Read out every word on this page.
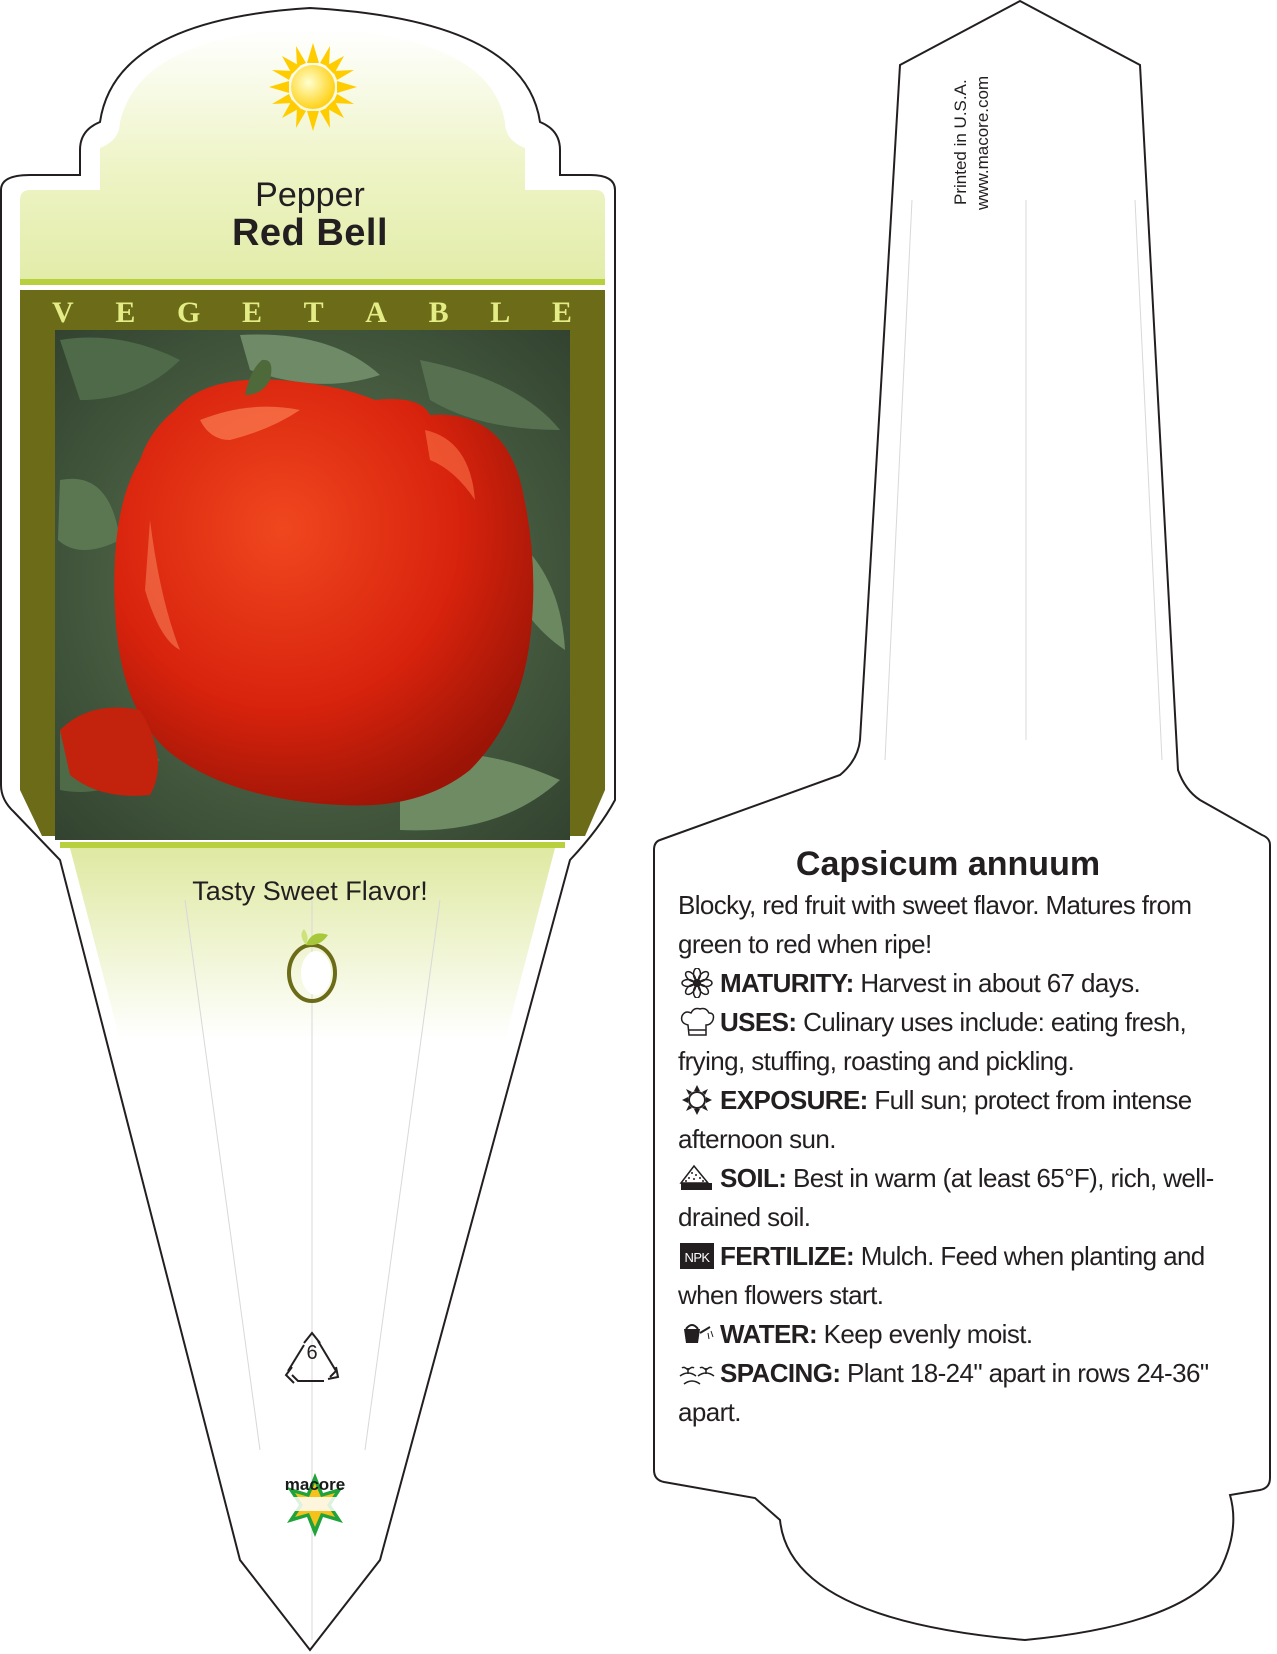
Pepper
Red Bell
V E G E T A B L E
Tasty Sweet Flavor!
6
macore
Printed in U.S.A. www.macore.com
Capsicum annuum

Blocky, red fruit with sweet flavor. Matures from green to red when ripe!

MATURITY: Harvest in about 67 days.

USES: Culinary uses include: eating fresh, frying, stuffing, roasting and pickling.

EXPOSURE: Full sun; protect from intense afternoon sun.

SOIL: Best in warm (at least 65°F), rich, well-drained soil.

NPK FERTILIZE: Mulch. Feed when planting and when flowers start.

WATER: Keep evenly moist.

SPACING: Plant 18-24" apart in rows 24-36" apart.
